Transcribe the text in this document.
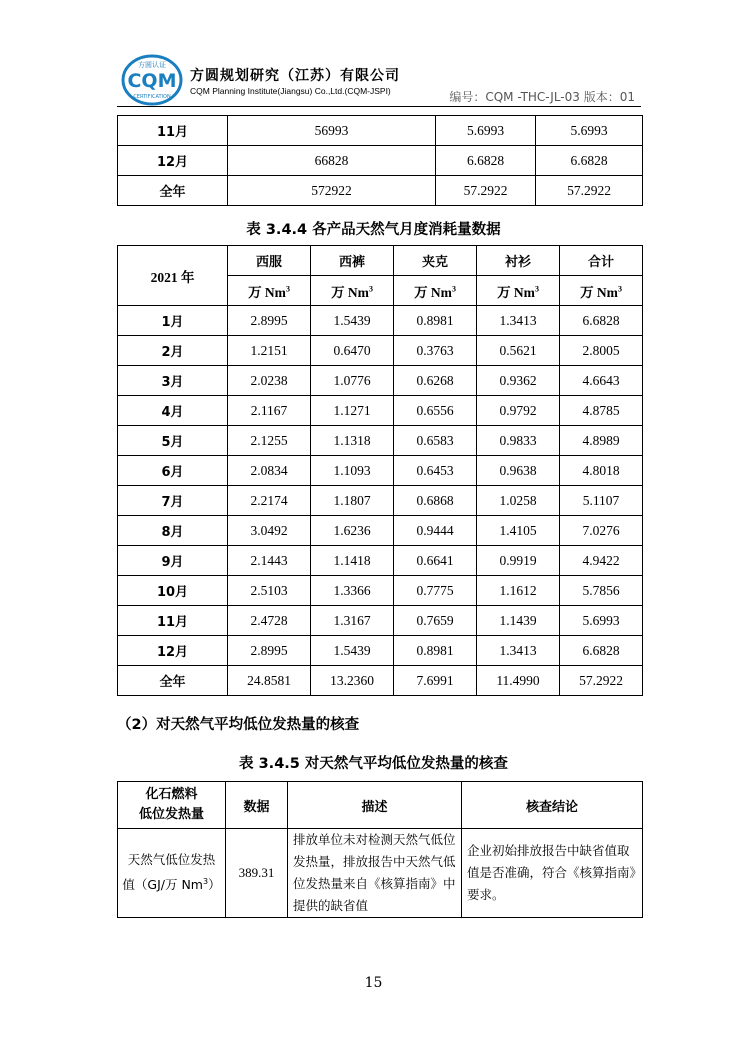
方圆认证
CQM
CERTIFICATION
方圆规划研究（江苏）有限公司
CQM Planning Institute(Jiangsu) Co.,Ltd.(CQM-JSPI)	编号：CQM -THC-JL-03 版本：01
11月	56993	5.6993	5.6993
12月	66828	6.6828	6.6828
全年	572922	57.2922	57.2922
表 3.4.4 各产品天然气月度消耗量数据
2021 年	西服	西裤	夹克	衬衫	合计
	万 Nm$^3$	万 Nm$^3$	万 Nm$^3$	万 Nm$^3$	万 Nm$^3$
1月	2.8995	1.5439	0.8981	1.3413	6.6828
2月	1.2151	0.6470	0.3763	0.5621	2.8005
3月	2.0238	1.0776	0.6268	0.9362	4.6643
4月	2.1167	1.1271	0.6556	0.9792	4.8785
5月	2.1255	1.1318	0.6583	0.9833	4.8989
6月	2.0834	1.1093	0.6453	0.9638	4.8018
7月	2.2174	1.1807	0.6868	1.0258	5.1107
8月	3.0492	1.6236	0.9444	1.4105	7.0276
9月	2.1443	1.1418	0.6641	0.9919	4.9422
10月	2.5103	1.3366	0.7775	1.1612	5.7856
11月	2.4728	1.3167	0.7659	1.1439	5.6993
12月	2.8995	1.5439	0.8981	1.3413	6.6828
全年	24.8581	13.2360	7.6991	11.4990	57.2922
（2）对天然气平均低位发热量的核查
表 3.4.5 对天然气平均低位发热量的核查
化石燃料
低位发热量	数据	描述	核查结论
天然气低位发热值（GJ/万 Nm$^3$）	389.31	排放单位未对检测天然气低位发热量，排放报告中天然气低位发热量来自《核算指南》中提供的缺省值	企业初始排放报告中缺省值取值是否准确，符合《核算指南》要求。
15
